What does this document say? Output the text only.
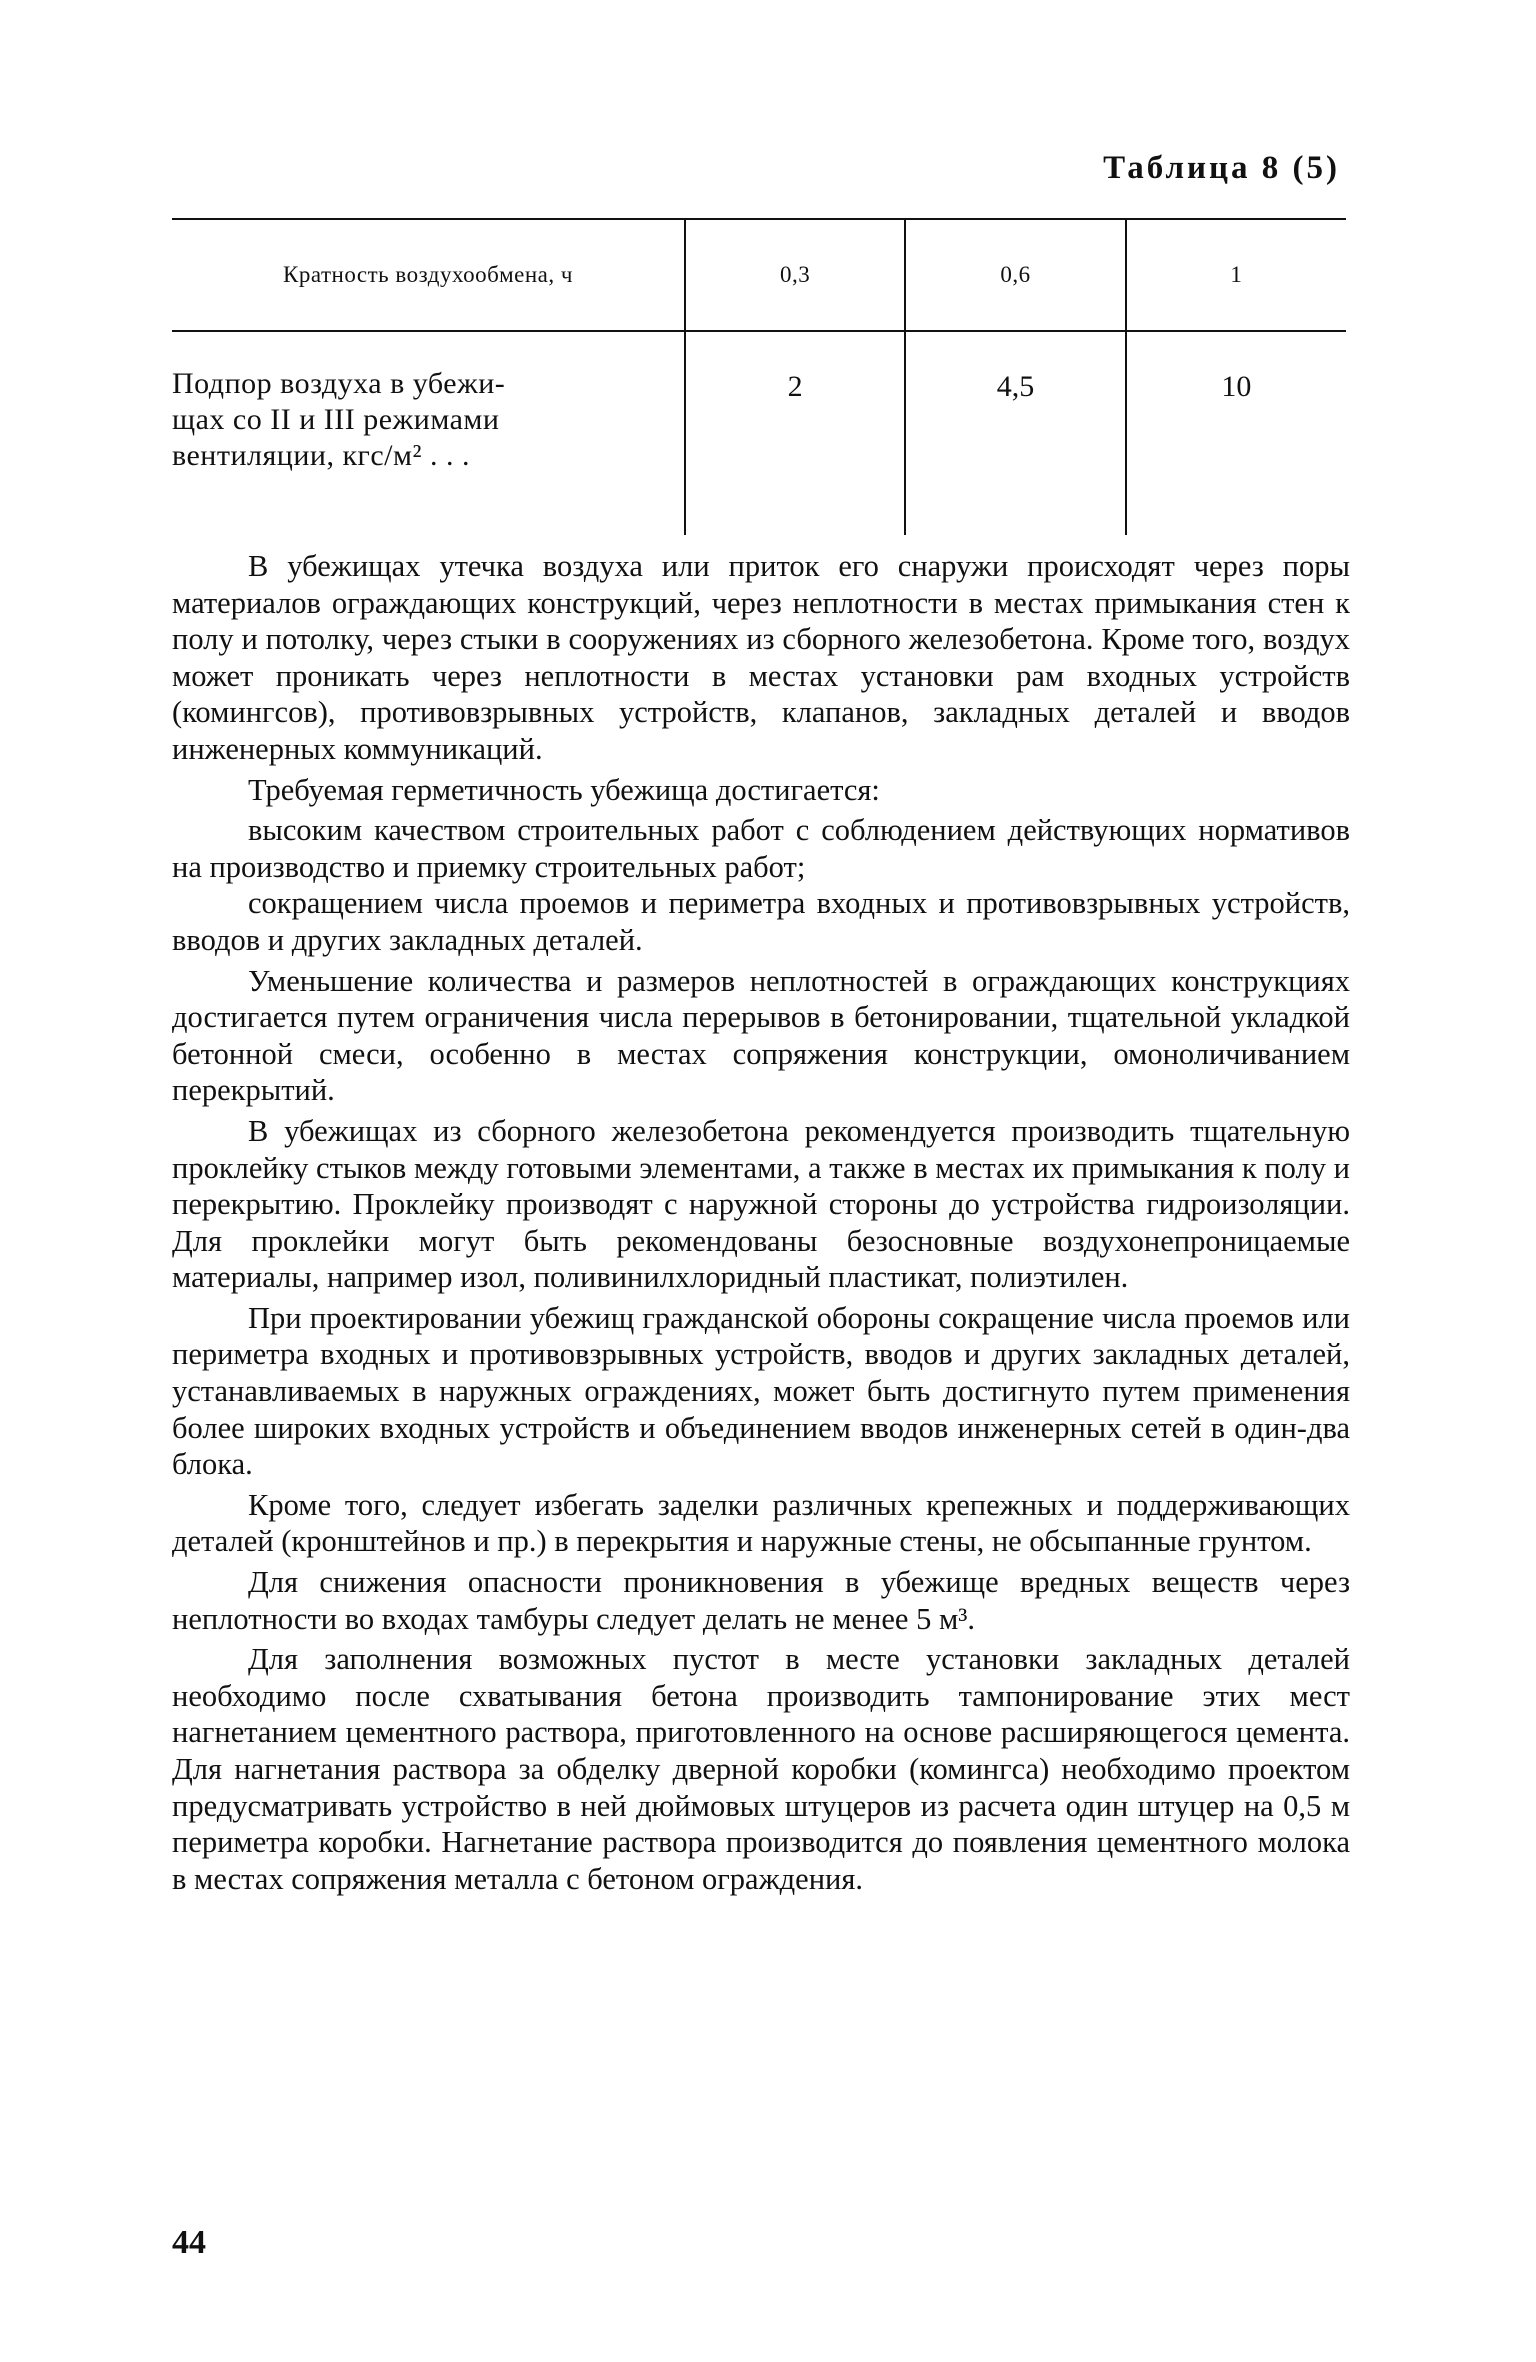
Таблица 8 (5)
Кратность воздухообмена, ч	0,3	0,6	1

Подпор воздуха в убежи-
щах со II и III режимами
вентиляции, кгс/м² . . .	2	4,5	10

В убежищах утечка воздуха или приток его снаружи происходят через поры материалов ограждающих конструкций, через неплотности в местах примыкания стен к полу и потолку, через стыки в сооружениях из сборного железобетона. Кроме того, воздух может проникать через неплотности в местах установки рам входных устройств (комингсов), противовзрывных устройств, клапанов, закладных деталей и вводов инженерных коммуникаций.

Требуемая герметичность убежища достигается:

высоким качеством строительных работ с соблюдением действующих нормативов на производство и приемку строительных работ;

сокращением числа проемов и периметра входных и противовзрывных устройств, вводов и других закладных деталей.

Уменьшение количества и размеров неплотностей в ограждающих конструкциях достигается путем ограничения числа перерывов в бетонировании, тщательной укладкой бетонной смеси, особенно в местах сопряжения конструкции, омоноличиванием перекрытий.

В убежищах из сборного железобетона рекомендуется производить тщательную проклейку стыков между готовыми элементами, а также в местах их примыкания к полу и перекрытию. Проклейку производят с наружной стороны до устройства гидроизоляции. Для проклейки могут быть рекомендованы безосновные воздухонепроницаемые материалы, например изол, поливинилхлоридный пластикат, полиэтилен.

При проектировании убежищ гражданской обороны сокращение числа проемов или периметра входных и противовзрывных устройств, вводов и других закладных деталей, устанавливаемых в наружных ограждениях, может быть достигнуто путем применения более широких входных устройств и объединением вводов инженерных сетей в один-два блока.

Кроме того, следует избегать заделки различных крепежных и поддерживающих деталей (кронштейнов и пр.) в перекрытия и наружные стены, не обсыпанные грунтом.

Для снижения опасности проникновения в убежище вредных веществ через неплотности во входах тамбуры следует делать не менее 5 м³.

Для заполнения возможных пустот в месте установки закладных деталей необходимо после схватывания бетона производить тампонирование этих мест нагнетанием цементного раствора, приготовленного на основе расширяющегося цемента. Для нагнетания раствора за обделку дверной коробки (комингса) необходимо проектом предусматривать устройство в ней дюймовых штуцеров из расчета один штуцер на 0,5 м периметра коробки. Нагнетание раствора производится до появления цементного молока в местах сопряжения металла с бетоном ограждения.

44
